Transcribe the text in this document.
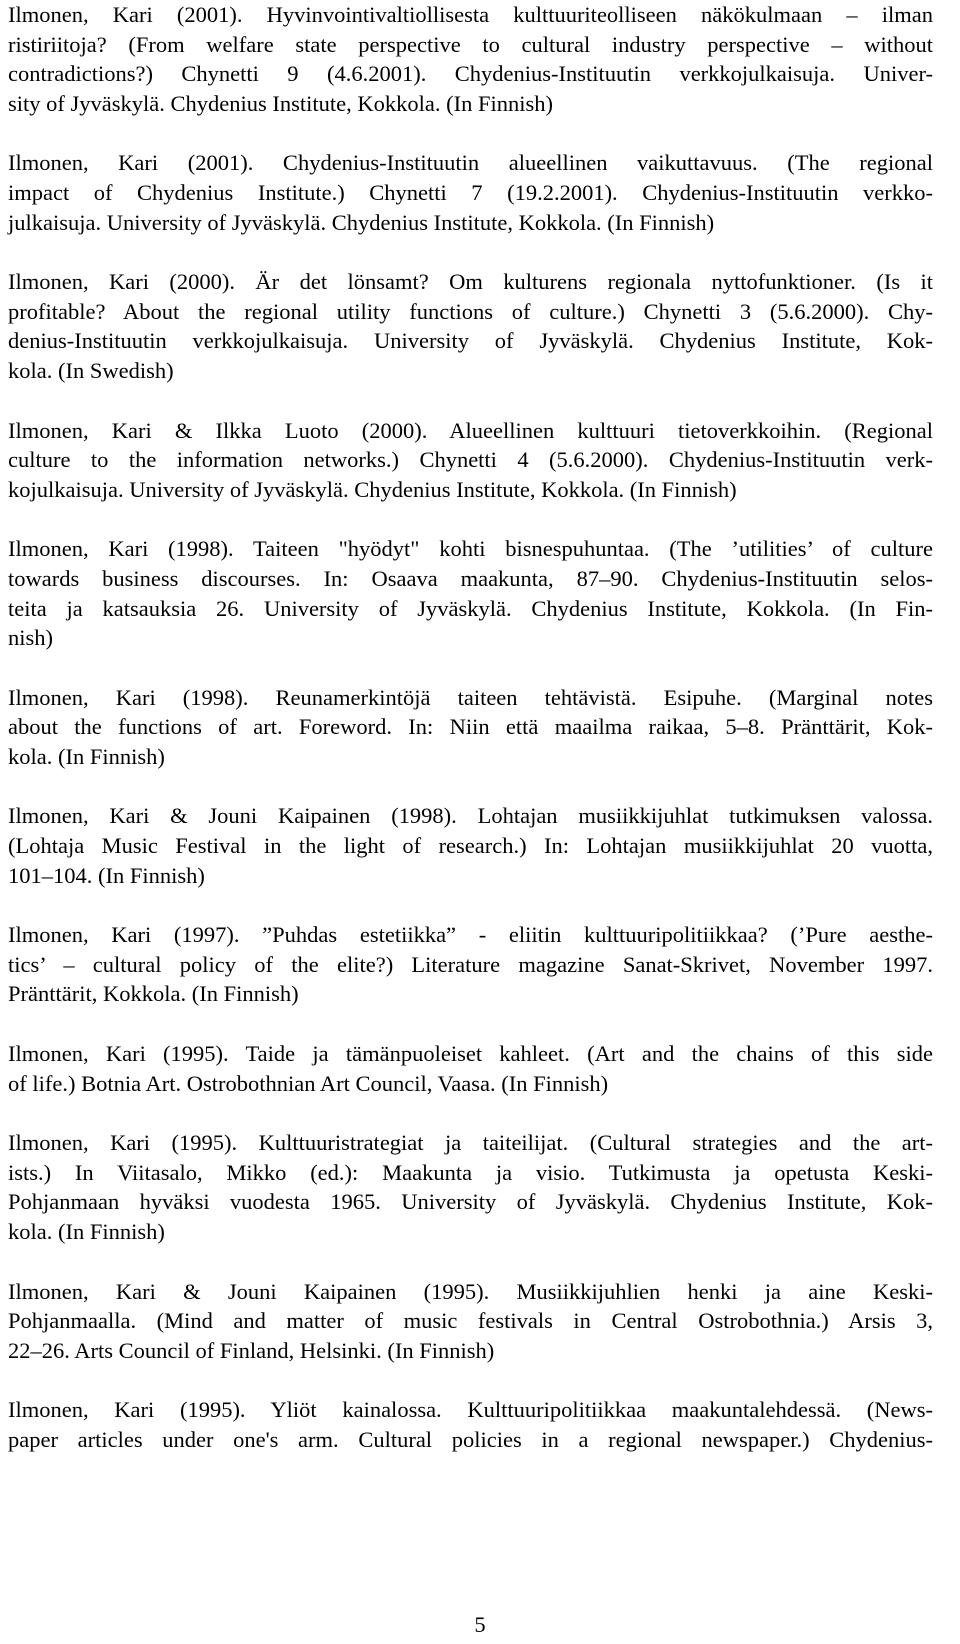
Ilmonen, Kari (2001). Hyvinvointivaltiollisesta kulttuuriteolliseen näkökulmaan – ilman
ristiriitoja? (From welfare state perspective to cultural industry perspective – without
contradictions?) Chynetti 9 (4.6.2001). Chydenius-Instituutin verkkojulkaisuja. Univer-
sity of Jyväskylä. Chydenius Institute, Kokkola. (In Finnish)
Ilmonen, Kari (2001). Chydenius-Instituutin alueellinen vaikuttavuus. (The regional
impact of Chydenius Institute.) Chynetti 7 (19.2.2001). Chydenius-Instituutin verkko-
julkaisuja. University of Jyväskylä. Chydenius Institute, Kokkola. (In Finnish)
Ilmonen, Kari (2000). Är det lönsamt? Om kulturens regionala nyttofunktioner. (Is it
profitable? About the regional utility functions of culture.) Chynetti 3 (5.6.2000). Chy-
denius-Instituutin verkkojulkaisuja. University of Jyväskylä. Chydenius Institute, Kok-
kola. (In Swedish)
Ilmonen, Kari & Ilkka Luoto (2000). Alueellinen kulttuuri tietoverkkoihin. (Regional
culture to the information networks.) Chynetti 4 (5.6.2000). Chydenius-Instituutin verk-
kojulkaisuja. University of Jyväskylä. Chydenius Institute, Kokkola. (In Finnish)
Ilmonen, Kari (1998). Taiteen "hyödyt" kohti bisnespuhuntaa. (The ’utilities’ of culture
towards business discourses. In: Osaava maakunta, 87–90. Chydenius-Instituutin selos-
teita ja katsauksia 26. University of Jyväskylä. Chydenius Institute, Kokkola. (In Fin-
nish)
Ilmonen, Kari (1998). Reunamerkintöjä taiteen tehtävistä. Esipuhe. (Marginal notes
about the functions of art. Foreword. In: Niin että maailma raikaa, 5–8. Pränttärit, Kok-
kola. (In Finnish)
Ilmonen, Kari & Jouni Kaipainen (1998). Lohtajan musiikkijuhlat tutkimuksen valossa.
(Lohtaja Music Festival in the light of research.) In: Lohtajan musiikkijuhlat 20 vuotta,
101–104. (In Finnish)
Ilmonen, Kari (1997). ”Puhdas estetiikka” - eliitin kulttuuripolitiikkaa? (’Pure aesthe-
tics’ – cultural policy of the elite?) Literature magazine Sanat-Skrivet, November 1997.
Pränttärit, Kokkola. (In Finnish)
Ilmonen, Kari (1995). Taide ja tämänpuoleiset kahleet. (Art and the chains of this side
of life.) Botnia Art. Ostrobothnian Art Council, Vaasa. (In Finnish)
Ilmonen, Kari (1995). Kulttuuristrategiat ja taiteilijat. (Cultural strategies and the art-
ists.) In Viitasalo, Mikko (ed.): Maakunta ja visio. Tutkimusta ja opetusta Keski-
Pohjanmaan hyväksi vuodesta 1965. University of Jyväskylä. Chydenius Institute, Kok-
kola. (In Finnish)
Ilmonen, Kari & Jouni Kaipainen (1995). Musiikkijuhlien henki ja aine Keski-
Pohjanmaalla. (Mind and matter of music festivals in Central Ostrobothnia.) Arsis 3,
22–26. Arts Council of Finland, Helsinki. (In Finnish)
Ilmonen, Kari (1995). Yliöt kainalossa. Kulttuuripolitiikkaa maakuntalehdessä. (News-
paper articles under one's arm. Cultural policies in a regional newspaper.) Chydenius-
5
